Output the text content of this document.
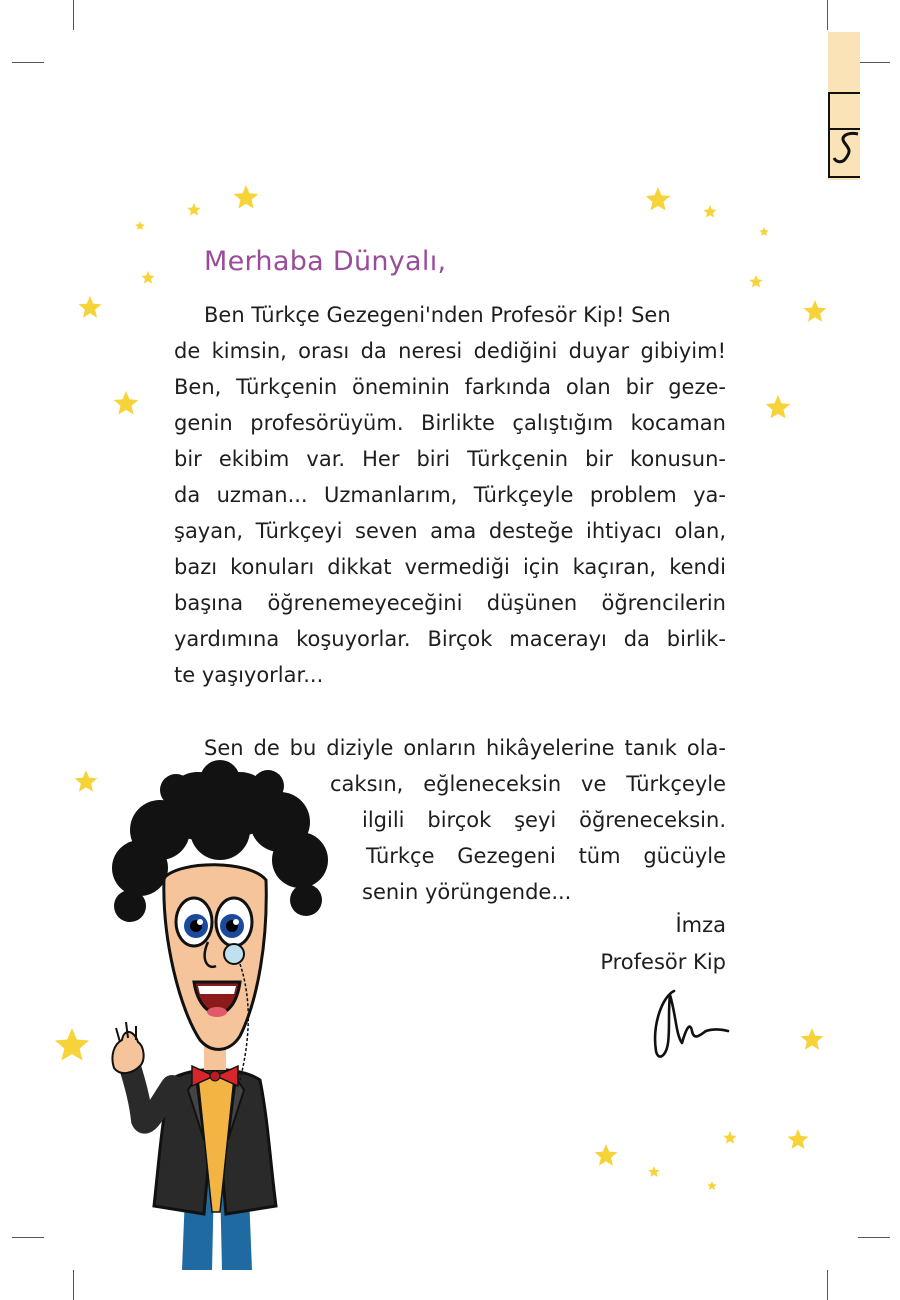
Merhaba Dünyalı,
Ben Türkçe Gezegeni'nden Profesör Kip! Sen
de kimsin, orası da neresi dediğini duyar gibiyim!
Ben, Türkçenin öneminin farkında olan bir geze-
genin profesörüyüm. Birlikte çalıştığım kocaman
bir ekibim var. Her biri Türkçenin bir konusun-
da uzman... Uzmanlarım, Türkçeyle problem ya-
şayan, Türkçeyi seven ama desteğe ihtiyacı olan,
bazı konuları dikkat vermediği için kaçıran, kendi
başına öğrenemeyeceğini düşünen öğrencilerin
yardımına koşuyorlar. Birçok macerayı da birlik-
te yaşıyorlar...
Sen de bu diziyle onların hikâyelerine tanık ola-
caksın, eğleneceksin ve Türkçeyle
ilgili birçok şeyi öğreneceksin.
Türkçe Gezegeni tüm gücüyle
senin yörüngende...
İmza
Profesör Kip
